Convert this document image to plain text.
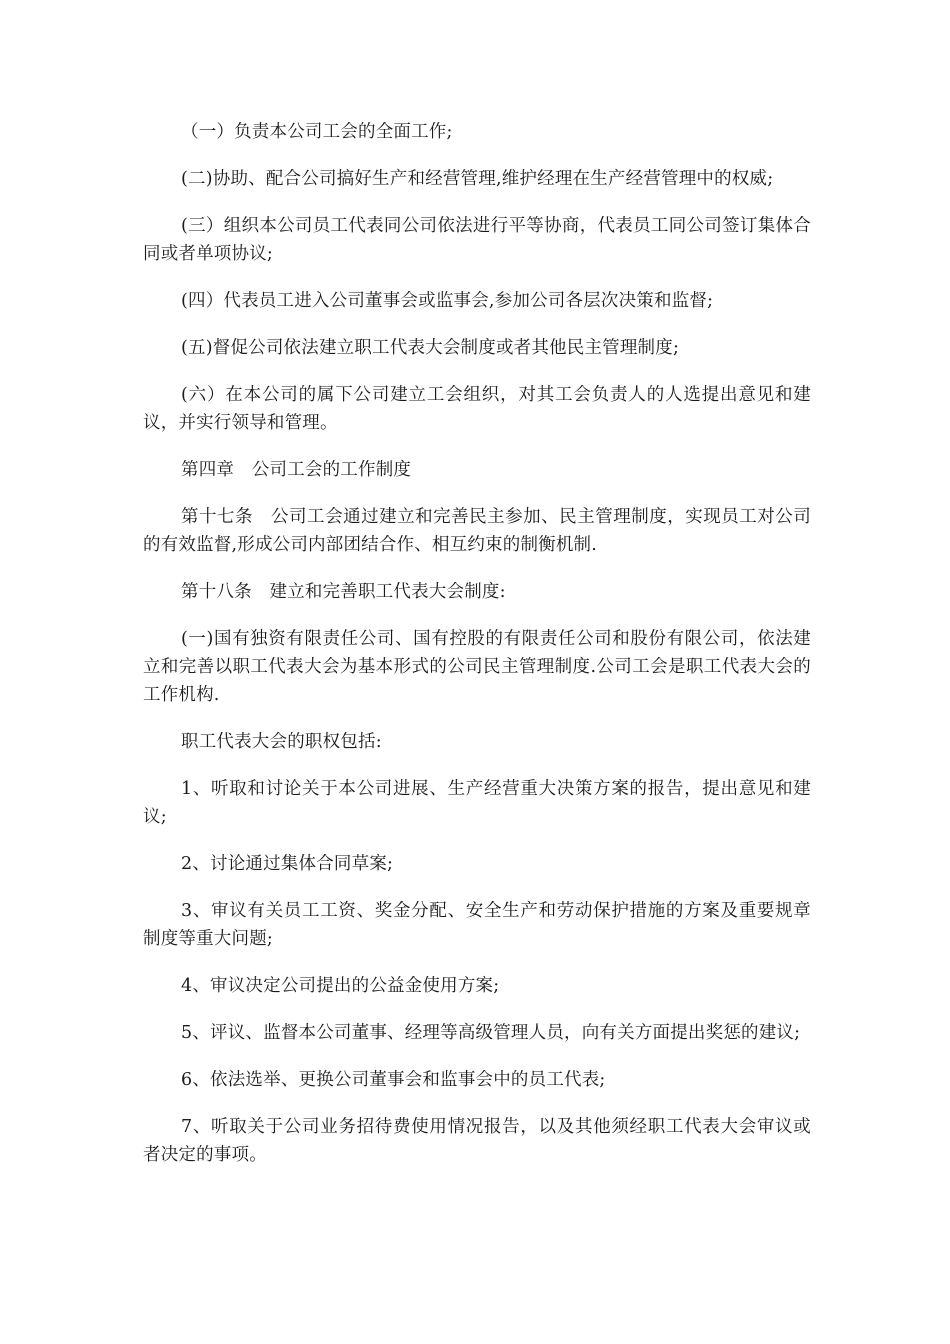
（一）负责本公司工会的全面工作;

(二)协助、配合公司搞好生产和经营管理,维护经理在生产经营管理中的权威;

(三）组织本公司员工代表同公司依法进行平等协商，代表员工同公司签订集体合同或者单项协议;

(四）代表员工进入公司董事会或监事会,参加公司各层次决策和监督;

(五)督促公司依法建立职工代表大会制度或者其他民主管理制度;

(六）在本公司的属下公司建立工会组织，对其工会负责人的人选提出意见和建议，并实行领导和管理。

第四章　公司工会的工作制度

第十七条　公司工会通过建立和完善民主参加、民主管理制度，实现员工对公司的有效监督,形成公司内部团结合作、相互约束的制衡机制.

第十八条　建立和完善职工代表大会制度:

(一)国有独资有限责任公司、国有控股的有限责任公司和股份有限公司，依法建立和完善以职工代表大会为基本形式的公司民主管理制度.公司工会是职工代表大会的工作机构.

职工代表大会的职权包括:

1、听取和讨论关于本公司进展、生产经营重大决策方案的报告，提出意见和建议;

2、讨论通过集体合同草案;

3、审议有关员工工资、奖金分配、安全生产和劳动保护措施的方案及重要规章制度等重大问题;

4、审议决定公司提出的公益金使用方案;

5、评议、监督本公司董事、经理等高级管理人员，向有关方面提出奖惩的建议;

6、依法选举、更换公司董事会和监事会中的员工代表;

7、听取关于公司业务招待费使用情况报告，以及其他须经职工代表大会审议或者决定的事项。
